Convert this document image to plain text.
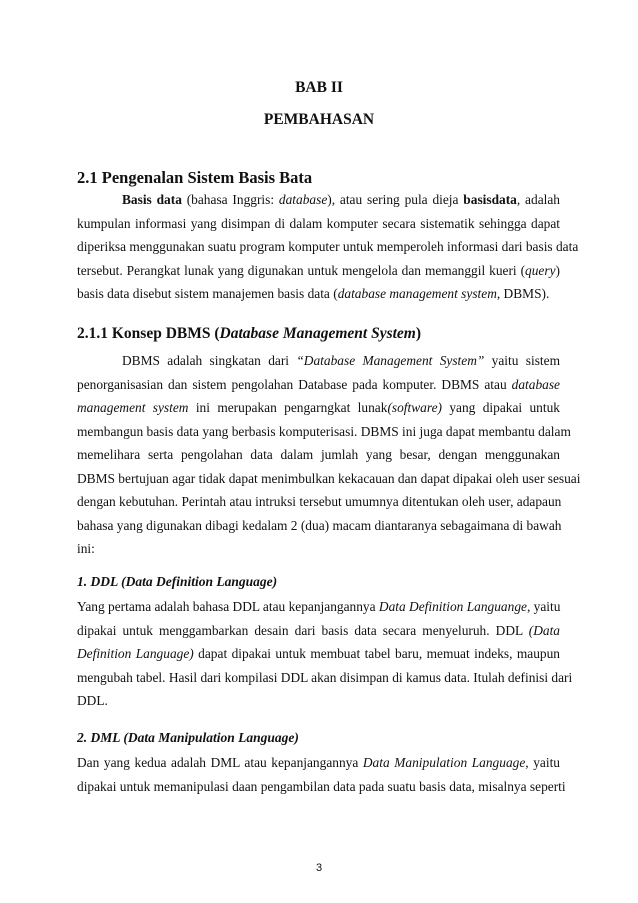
BAB II
PEMBAHASAN
2.1 Pengenalan Sistem Basis Bata
Basis data (bahasa Inggris: database), atau sering pula dieja basisdata, adalah
kumpulan informasi yang disimpan di dalam komputer secara sistematik sehingga dapat
diperiksa menggunakan suatu program komputer untuk memperoleh informasi dari basis data
tersebut. Perangkat lunak yang digunakan untuk mengelola dan memanggil kueri (query)
basis data disebut sistem manajemen basis data (database management system, DBMS).
2.1.1 Konsep DBMS (Database Management System)
DBMS adalah singkatan dari “Database Management System” yaitu sistem
penorganisasian dan sistem pengolahan Database pada komputer. DBMS atau database
management system ini merupakan pengarngkat lunak(software) yang dipakai untuk
membangun basis data yang berbasis komputerisasi. DBMS ini juga dapat membantu dalam
memelihara serta pengolahan data dalam jumlah yang besar, dengan menggunakan
DBMS bertujuan agar tidak dapat menimbulkan kekacauan dan dapat dipakai oleh user sesuai
dengan kebutuhan. Perintah atau intruksi tersebut umumnya ditentukan oleh user, adapaun
bahasa yang digunakan dibagi kedalam 2 (dua) macam diantaranya sebagaimana di bawah
ini:
1. DDL (Data Definition Language)
Yang pertama adalah bahasa DDL atau kepanjangannya Data Definition Languange, yaitu
dipakai untuk menggambarkan desain dari basis data secara menyeluruh. DDL (Data
Definition Language) dapat dipakai untuk membuat tabel baru, memuat indeks, maupun
mengubah tabel. Hasil dari kompilasi DDL akan disimpan di kamus data. Itulah definisi dari
DDL.
2. DML (Data Manipulation Language)
Dan yang kedua adalah DML atau kepanjangannya Data Manipulation Language, yaitu
dipakai untuk memanipulasi daan pengambilan data pada suatu basis data, misalnya seperti
3
